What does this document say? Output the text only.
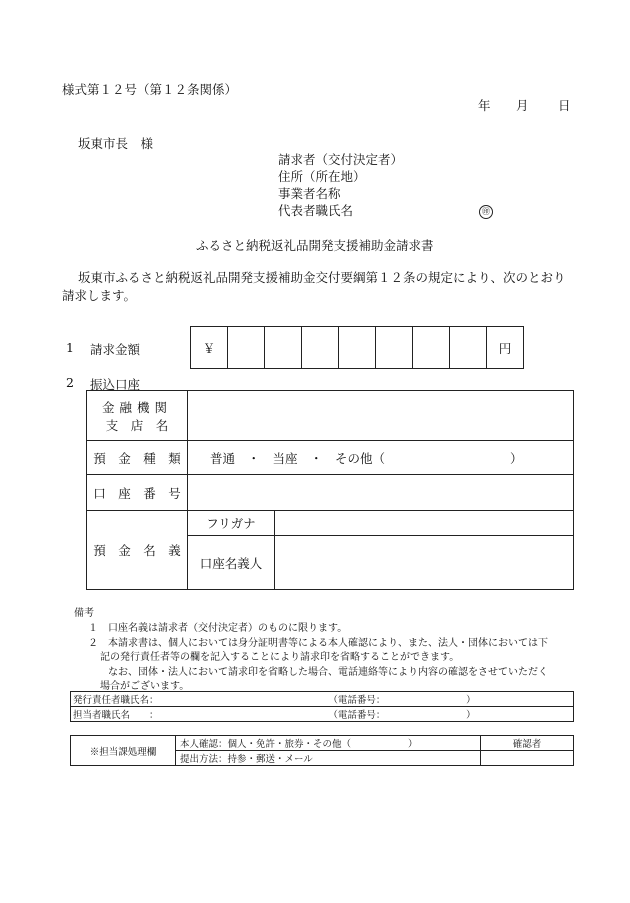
様式第１２号（第１２条関係）
年 月 日
坂東市長　様
請求者（交付決定者）
住所（所在地）
事業者名称
代表者職氏名	㊞
ふるさと納税返礼品開発支援補助金請求書
坂東市ふるさと納税返礼品開発支援補助金交付要綱第１２条の規定により、次のとおり
請求します。
1 請求金額	￥								円
2 振込口座
金融機関
支　店　名		

預　金　種　類	普通　・　当座　・　その他（　　　　　　　　　　）	
口　座　番　号		
預　金　名　義	フリガナ	
	口座名義人	
備考
１　口座名義は請求者（交付決定者）のものに限ります。
２　本請求書は、個人においては身分証明書等による本人確認により、また、法人・団体においては下
記の発行責任者等の欄を記入することにより請求印を省略することができます。
なお、団体・法人において請求印を省略した場合、電話連絡等により内容の確認をさせていただく
場合がございます。
発行責任者職氏名：	（電話番号：　　　　　　　　　）
担当者職氏名　　：	（電話番号：　　　　　　　　　）
※担当課処理欄	本人確認：個人・免許・旅券・その他（　　　　　　）	確認者
	提出方法：持参・郵送・メール	
